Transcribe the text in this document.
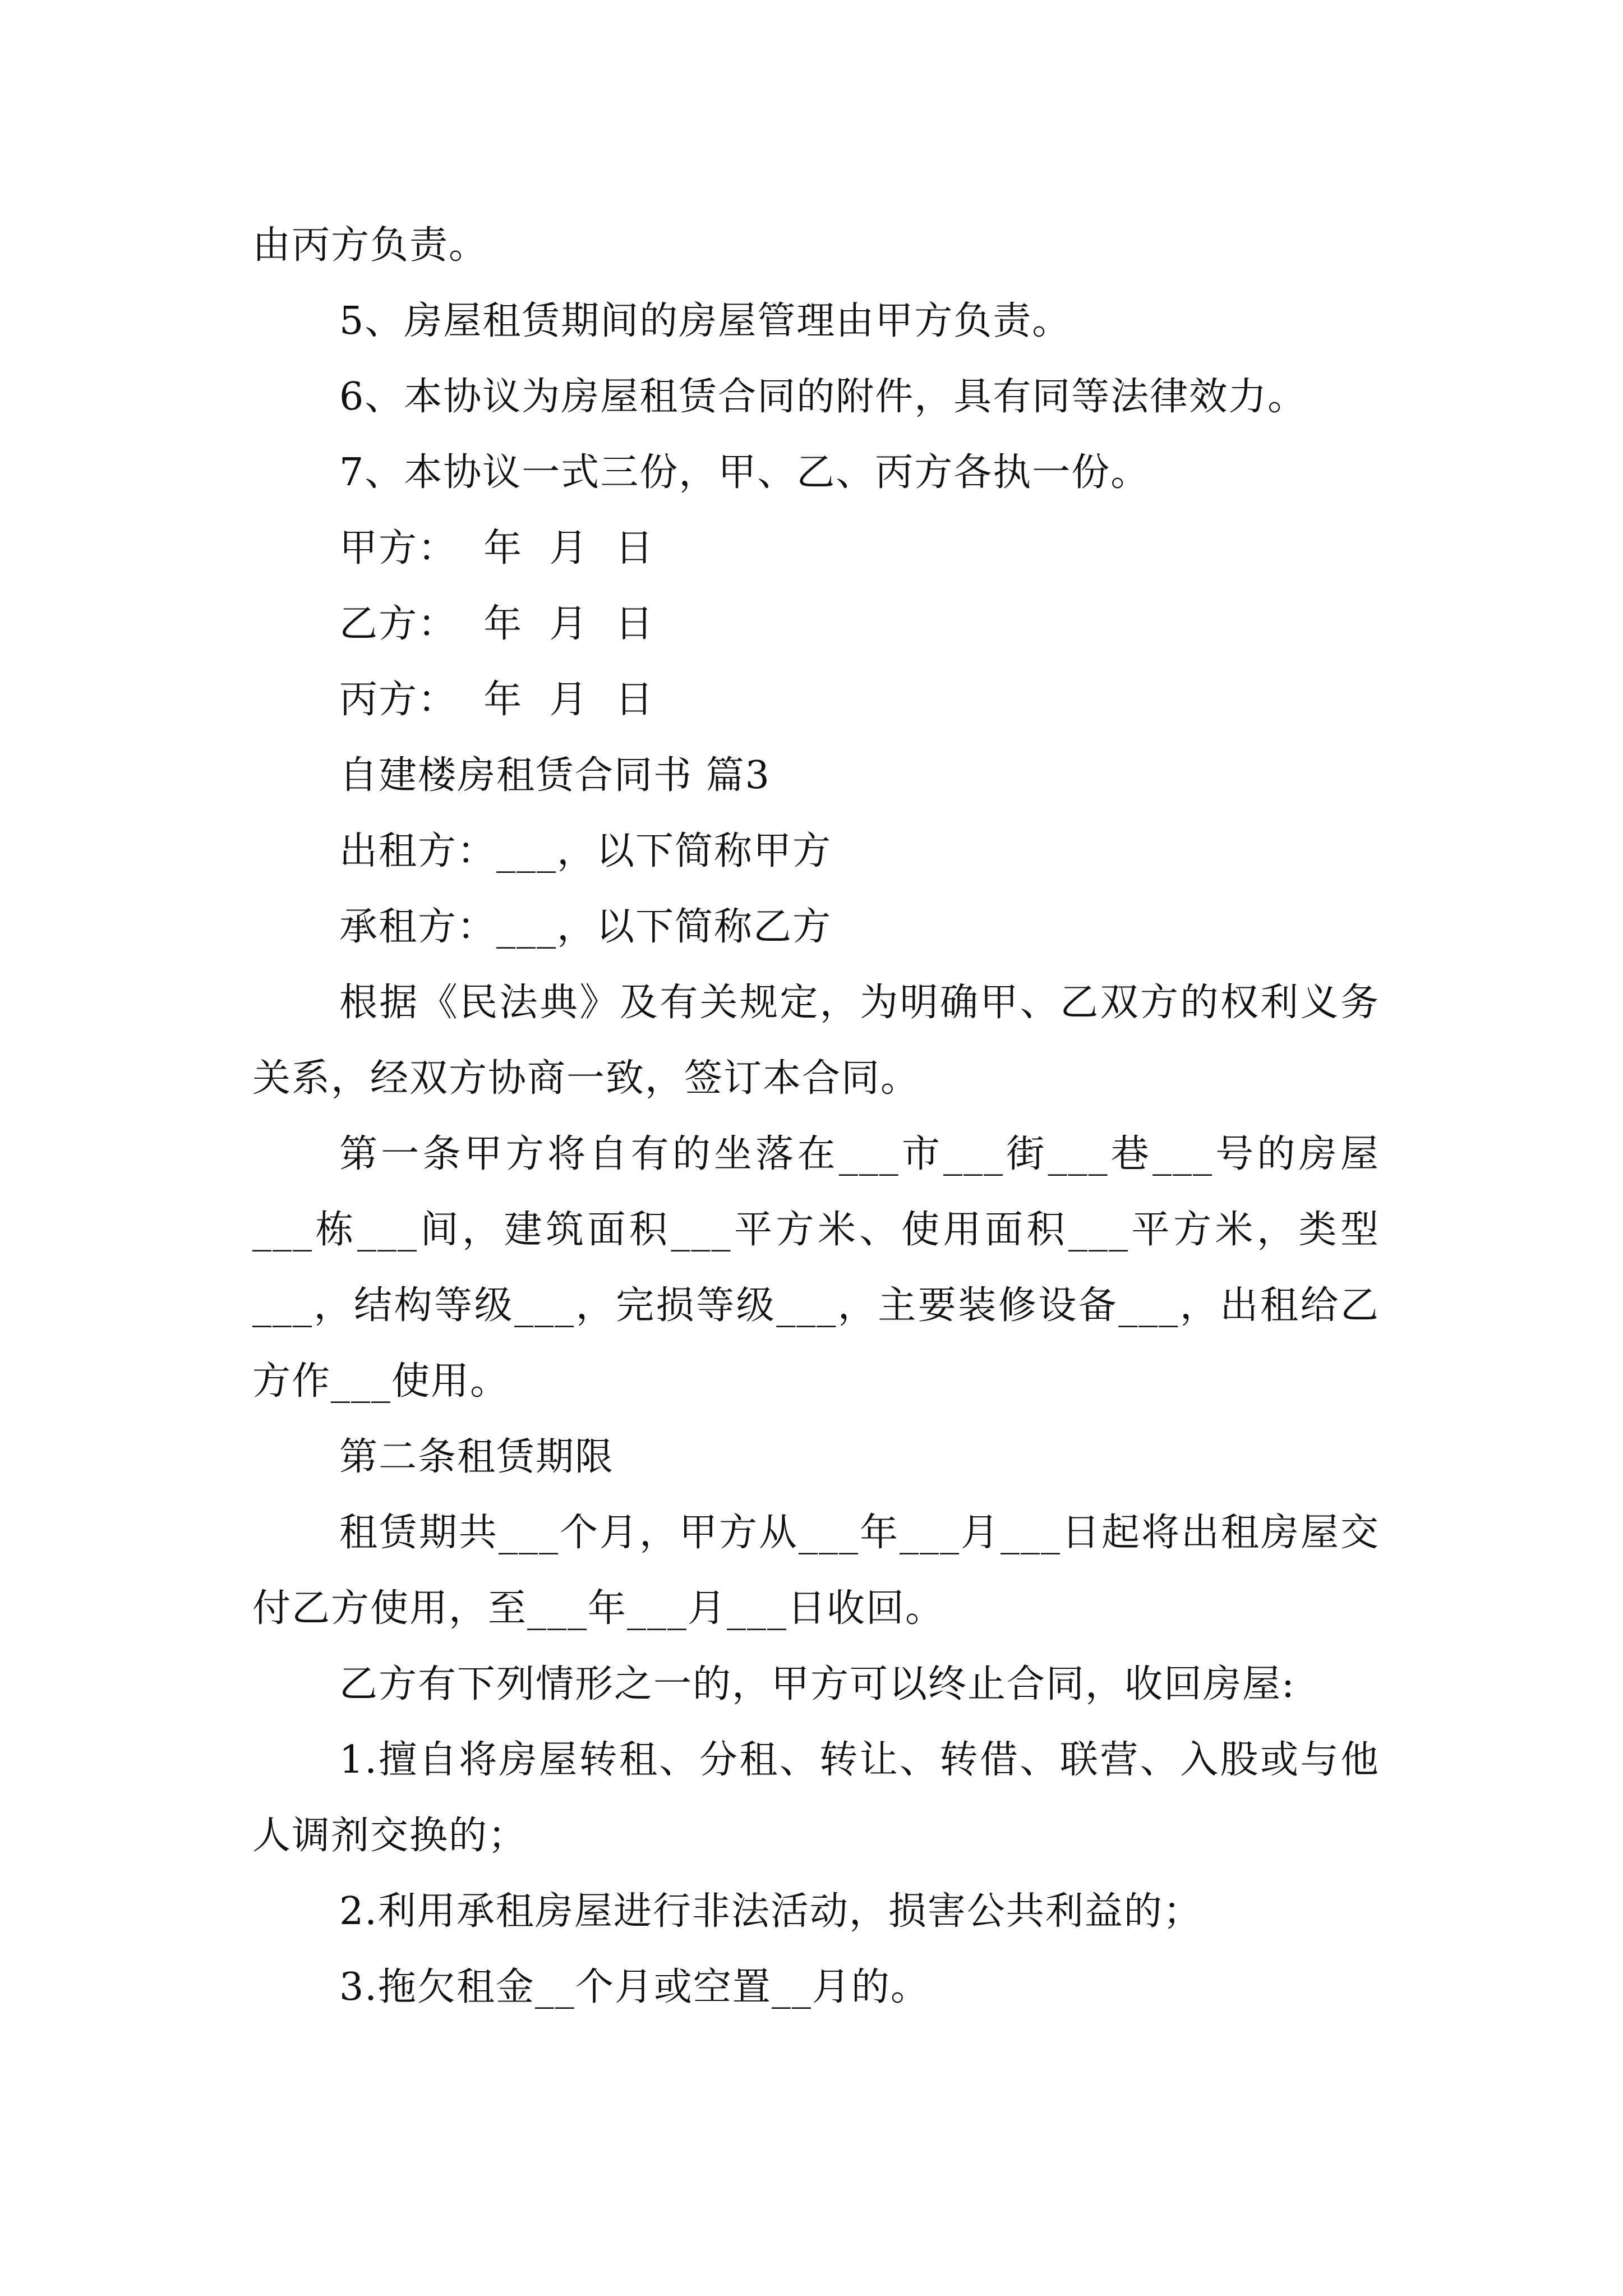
由丙方负责。

5、房屋租赁期间的房屋管理由甲方负责。

6、本协议为房屋租赁合同的附件，具有同等法律效力。

7、本协议一式三份，甲、乙、丙方各执一份。

甲方：  年  月  日

乙方：  年  月  日

丙方：  年  月  日

自建楼房租赁合同书 篇3

出租方：___，以下简称甲方

承租方：___，以下简称乙方

根据《民法典》及有关规定，为明确甲、乙双方的权利义务关系，经双方协商一致，签订本合同。

第一条甲方将自有的坐落在___市___街___巷___号的房屋___栋___间，建筑面积___平方米、使用面积___平方米，类型___，结构等级___，完损等级___，主要装修设备___，出租给乙方作___使用。

第二条租赁期限

租赁期共___个月，甲方从___年___月___日起将出租房屋交付乙方使用，至___年___月___日收回。

乙方有下列情形之一的，甲方可以终止合同，收回房屋:

1.擅自将房屋转租、分租、转让、转借、联营、入股或与他人调剂交换的；

2.利用承租房屋进行非法活动，损害公共利益的；

3.拖欠租金__个月或空置__月的。
